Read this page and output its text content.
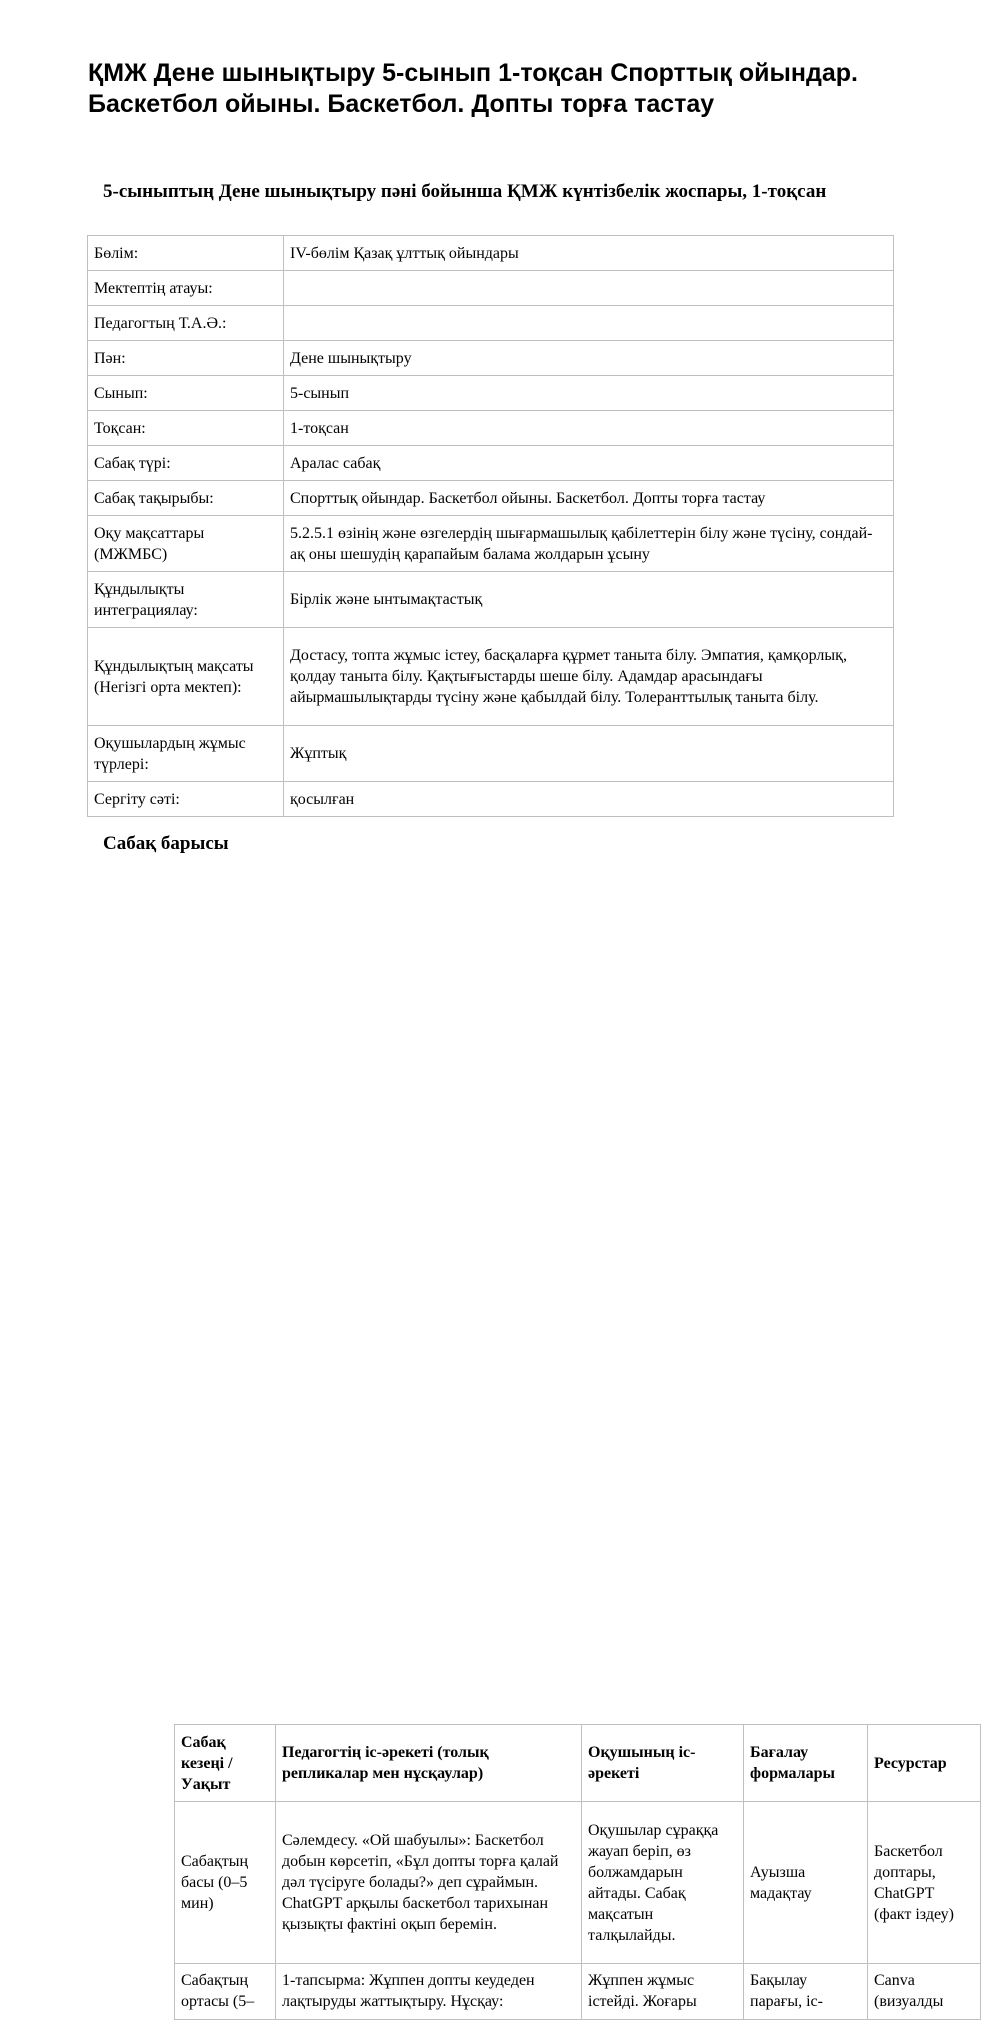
ҚМЖ Дене шынықтыру 5-сынып 1-тоқсан Спорттық ойындар. Баскетбол ойыны. Баскетбол. Допты торға тастау
5-сыныптың Дене шынықтыру пәні бойынша ҚМЖ күнтізбелік жоспары, 1-тоқсан
Бөлім:	IV-бөлім Қазақ ұлттық ойындары
Мектептің атауы:	
Педагогтың Т.А.Ә.:	
Пән:	Дене шынықтыру
Сынып:	5-сынып
Тоқсан:	1-тоқсан
Сабақ түрі:	Аралас сабақ
Сабақ тақырыбы:	Спорттық ойындар. Баскетбол ойыны. Баскетбол. Допты торға тастау
Оқу мақсаттары (МЖМБС)	5.2.5.1 өзінің және өзгелердің шығармашылық қабілеттерін білу және түсіну, сондай-ақ оны шешудің қарапайым балама жолдарын ұсыну
Құндылықты интеграциялау:	Бірлік және ынтымақтастық
Құндылықтың мақсаты (Негізгі орта мектеп):	Достасу, топта жұмыс істеу, басқаларға құрмет таныта білу. Эмпатия, қамқорлық, қолдау таныта білу. Қақтығыстарды шеше білу. Адамдар арасындағы айырмашылықтарды түсіну және қабылдай білу. Толеранттылық таныта білу.
Оқушылардың жұмыс түрлері:	Жұптық
Сергіту сәті:	қосылған
Сабақ барысы
Сабақ кезеңі / Уақыт	Педагогтің іс-әрекеті (толық репликалар мен нұсқаулар)	Оқушының іс-әрекеті	Бағалау формалары	Ресурстар
Сабақтың басы (0–5 мин)	Сәлемдесу. «Ой шабуылы»: Баскетбол добын көрсетіп, «Бұл допты торға қалай дәл түсіруге болады?» деп сұраймын. ChatGPT арқылы баскетбол тарихынан қызықты фактіні оқып беремін.	Оқушылар сұраққа жауап беріп, өз болжамдарын айтады. Сабақ мақсатын талқылайды.	Ауызша мадақтау	Баскетбол доптары, ChatGPT (факт іздеу)
Сабақтың ортасы (5–	1-тапсырма: Жұппен допты кеудеден лақтыруды жаттықтыру. Нұсқау:	Жұппен жұмыс істейді. Жоғары	Бақылау парағы, іс-	Canva (визуалды
